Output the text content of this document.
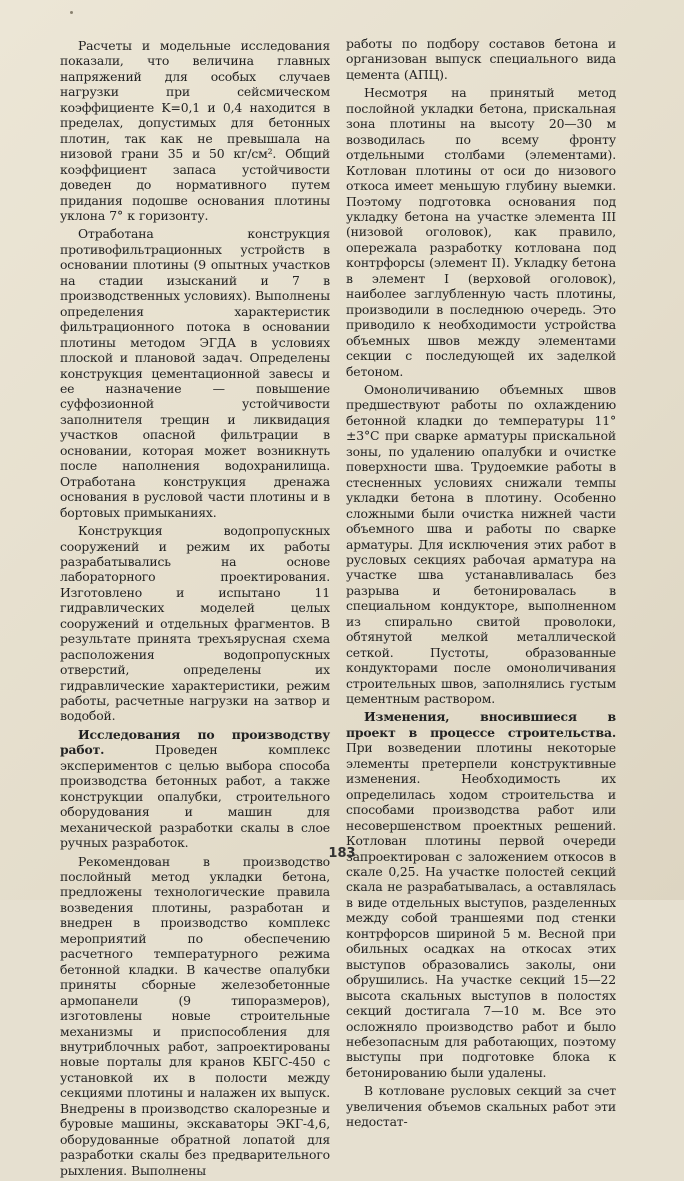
Расчеты и модельные исследования показали, что величина главных напряжений для особых случаев нагрузки при сейсмическом коэффициенте K=0,1 и 0,4 находится в пределах, допустимых для бетонных плотин, так как не превышала на низовой грани 35 и 50 кг/см². Общий коэффициент запаса устойчивости доведен до нормативного путем придания подошве основания плотины уклона 7° к горизонту.

Отработана конструкция противофильтрационных устройств в основании плотины (9 опытных участков на стадии изысканий и 7 в производственных условиях). Выполнены определения характеристик фильтрационного потока в основании плотины методом ЭГДА в условиях плоской и плановой задач. Определены конструкция цементационной завесы и ее назначение — повышение суффозионной устойчивости заполнителя трещин и ликвидация участков опасной фильтрации в основании, которая может возникнуть после наполнения водохранилища. Отработана конструкция дренажа основания в русловой части плотины и в бортовых примыканиях.

Конструкция водопропускных сооружений и режим их работы разрабатывались на основе лабораторного проектирования. Изготовлено и испытано 11 гидравлических моделей целых сооружений и отдельных фрагментов. В результате принята трехъярусная схема расположения водопропускных отверстий, определены их гидравлические характеристики, режим работы, расчетные нагрузки на затвор и водобой.

Исследования по производству работ. Проведен комплекс экспериментов с целью выбора способа производства бетонных работ, а также конструкции опалубки, строительного оборудования и машин для механической разработки скалы в слое ручных разработок.

Рекомендован в производство послойный метод укладки бетона, предложены технологические правила возведения плотины, разработан и внедрен в производство комплекс мероприятий по обеспечению расчетного температурного режима бетонной кладки. В качестве опалубки приняты сборные железобетонные армопанели (9 типоразмеров), изготовлены новые строительные механизмы и приспособления для внутриблочных работ, запроектированы новые порталы для кранов КБГС-450 с установкой их в полости между секциями плотины и налажен их выпуск. Внедрены в производство скалорезные и буровые машины, экскаваторы ЭКГ-4,6, оборудованные обратной лопатой для разработки скалы без предварительного рыхления. Выполнены

работы по подбору составов бетона и организован выпуск специального вида цемента (АПЦ).

Несмотря на принятый метод послойной укладки бетона, прискальная зона плотины на высоту 20—30 м возводилась по всему фронту отдельными столбами (элементами). Котлован плотины от оси до низового откоса имеет меньшую глубину выемки. Поэтому подготовка основания под укладку бетона на участке элемента III (низовой оголовок), как правило, опережала разработку котлована под контрфорсы (элемент II). Укладку бетона в элемент I (верховой оголовок), наиболее заглубленную часть плотины, производили в последнюю очередь. Это приводило к необходимости устройства объемных швов между элементами секции с последующей их заделкой бетоном.

Омоноличиванию объемных швов предшествуют работы по охлаждению бетонной кладки до температуры 11°±3°С при сварке арматуры прискальной зоны, по удалению опалубки и очистке поверхности шва. Трудоемкие работы в стесненных условиях снижали темпы укладки бетона в плотину. Особенно сложными были очистка нижней части объемного шва и работы по сварке арматуры. Для исключения этих работ в русловых секциях рабочая арматура на участке шва устанавливалась без разрыва и бетонировалась в специальном кондукторе, выполненном из спирально свитой проволоки, обтянутой мелкой металлической сеткой. Пустоты, образованные кондукторами после омоноличивания строительных швов, заполнялись густым цементным раствором.

Изменения, вносившиеся в проект в процессе строительства. При возведении плотины некоторые элементы претерпели конструктивные изменения. Необходимость их определилась ходом строительства и способами производства работ или несовершенством проектных решений. Котлован плотины первой очереди запроектирован с заложением откосов в скале 0,25. На участке полостей секций скала не разрабатывалась, а оставлялась в виде отдельных выступов, разделенных между собой траншеями под стенки контрфорсов шириной 5 м. Весной при обильных осадках на откосах этих выступов образовались заколы, они обрушились. На участке секций 15—22 высота скальных выступов в полостях секций достигала 7—10 м. Все это осложняло производство работ и было небезопасным для работающих, поэтому выступы при подготовке блока к бетонированию были удалены.

В котловане русловых секций за счет увеличения объемов скальных работ эти недостат-

183
